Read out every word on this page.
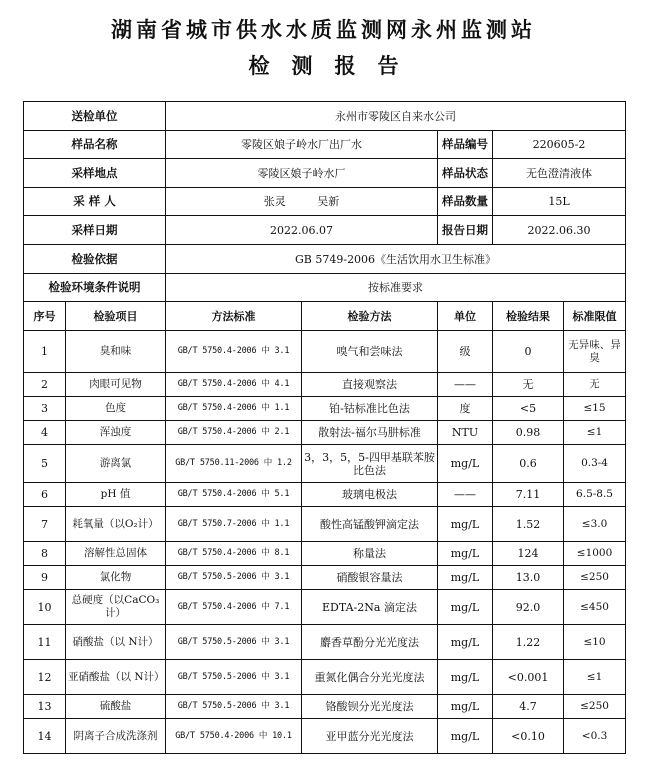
湖南省城市供水水质监测网永州监测站
检测报告
送检单位		永州市零陵区自来水公司				
样品名称		零陵区娘子岭水厂出厂水		样品编号	220605-2	
采样地点		零陵区娘子岭水厂		样品状态	无色澄清液体	
采 样 人		张灵 吴新		样品数量	15L	
采样日期		2022.06.07		报告日期	2022.06.30	
检验依据		GB 5749-2006《生活饮用水卫生标准》				
检验环境条件说明		按标准要求				
序号	检验项目	方法标准	检验方法	单位	检验结果	标准限值
1	臭和味	GB/T 5750.4-2006 中 3.1	嗅气和尝味法	级	0	无异味、异臭
2	肉眼可见物	GB/T 5750.4-2006 中 4.1	直接观察法	——	无	无
3	色度	GB/T 5750.4-2006 中 1.1	铂-钴标准比色法	度	<5	≤15
4	浑浊度	GB/T 5750.4-2006 中 2.1	散射法-福尔马肼标准	NTU	0.98	≤1
5	游离氯	GB/T 5750.11-2006 中 1.2	3，3，5，5-四甲基联苯胺比色法	mg/L	0.6	0.3-4
6	pH 值	GB/T 5750.4-2006 中 5.1	玻璃电极法	——	7.11	6.5-8.5
7	耗氧量（以O₂计）	GB/T 5750.7-2006 中 1.1	酸性高锰酸钾滴定法	mg/L	1.52	≤3.0
8	溶解性总固体	GB/T 5750.4-2006 中 8.1	称量法	mg/L	124	≤1000
9	氯化物	GB/T 5750.5-2006 中 3.1	硝酸银容量法	mg/L	13.0	≤250
10	总硬度（以CaCO₃计）	GB/T 5750.4-2006 中 7.1	EDTA-2Na 滴定法	mg/L	92.0	≤450
11	硝酸盐（以 N计）	GB/T 5750.5-2006 中 3.1	麝香草酚分光光度法	mg/L	1.22	≤10
12	亚硝酸盐（以 N计）	GB/T 5750.5-2006 中 3.1	重氮化偶合分光光度法	mg/L	<0.001	≤1
13	硫酸盐	GB/T 5750.5-2006 中 3.1	铬酸钡分光光度法	mg/L	4.7	≤250
14	阴离子合成洗涤剂	GB/T 5750.4-2006 中 10.1	亚甲蓝分光光度法	mg/L	<0.10	<0.3
